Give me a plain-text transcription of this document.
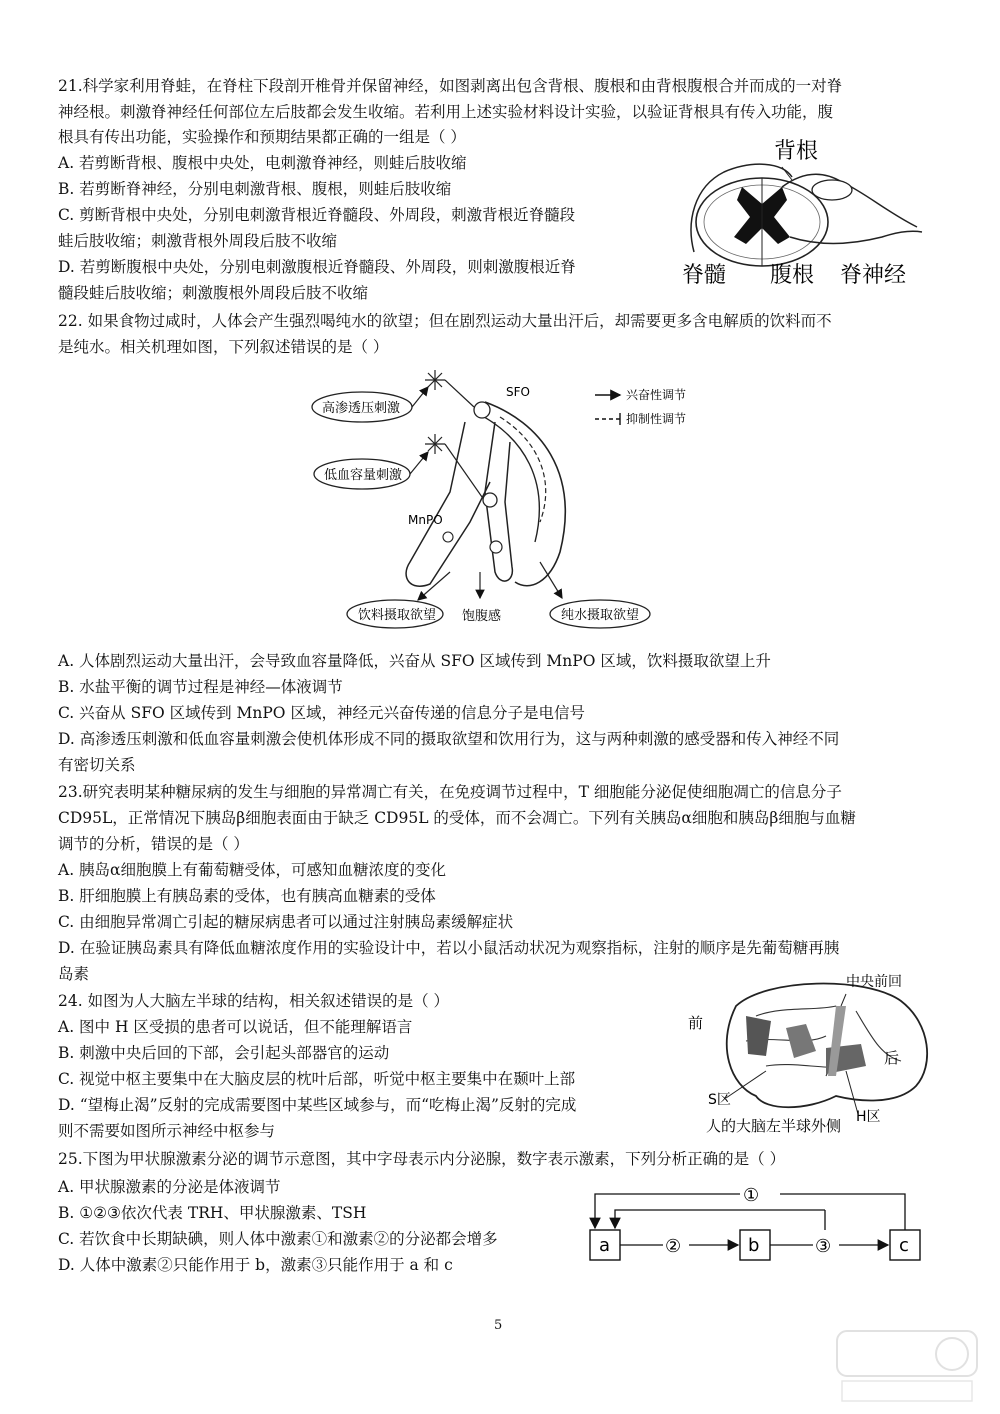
21.科学家利用脊蛙，在脊柱下段剖开椎骨并保留神经，如图剥离出包含背根、腹根和由背根腹根合并而成的一对脊
神经根。刺激脊神经任何部位左后肢都会发生收缩。若利用上述实验材料设计实验，以验证背根具有传入功能，腹
根具有传出功能，实验操作和预期结果都正确的一组是（ ）
A. 若剪断背根、腹根中央处，电刺激脊神经，则蛙后肢收缩
B. 若剪断脊神经，分别电刺激背根、腹根，则蛙后肢收缩
C. 剪断背根中央处，分别电刺激背根近脊髓段、外周段，刺激背根近脊髓段
蛙后肢收缩；刺激背根外周段后肢不收缩
D. 若剪断腹根中央处，分别电刺激腹根近脊髓段、外周段，则刺激腹根近脊
髓段蛙后肢收缩；刺激腹根外周段后肢不收缩
背根
脊髓 腹根 脊神经
22. 如果食物过咸时，人体会产生强烈喝纯水的欲望；但在剧烈运动大量出汗后，却需要更多含电解质的饮料而不
是纯水。相关机理如图，下列叙述错误的是（ ）
高渗透压刺激
低血容量刺激
SFO
MnPO
兴奋性调节
抑制性调节
饮料摄取欲望 饱腹感	纯水摄取欲望
A. 人体剧烈运动大量出汗，会导致血容量降低，兴奋从 SFO 区域传到 MnPO 区域，饮料摄取欲望上升
B. 水盐平衡的调节过程是神经—体液调节
C. 兴奋从 SFO 区域传到 MnPO 区域，神经元兴奋传递的信息分子是电信号
D. 高渗透压刺激和低血容量刺激会使机体形成不同的摄取欲望和饮用行为，这与两种刺激的感受器和传入神经不同
有密切关系
23.研究表明某种糖尿病的发生与细胞的异常凋亡有关，在免疫调节过程中，T 细胞能分泌促使细胞凋亡的信息分子
CD95L，正常情况下胰岛β细胞表面由于缺乏 CD95L 的受体，而不会凋亡。下列有关胰岛α细胞和胰岛β细胞与血糖
调节的分析，错误的是（ ）
A. 胰岛α细胞膜上有葡萄糖受体，可感知血糖浓度的变化
B. 肝细胞膜上有胰岛素的受体，也有胰高血糖素的受体
C. 由细胞异常凋亡引起的糖尿病患者可以通过注射胰岛素缓解症状
D. 在验证胰岛素具有降低血糖浓度作用的实验设计中，若以小鼠活动状况为观察指标，注射的顺序是先葡萄糖再胰
岛素
24. 如图为人大脑左半球的结构，相关叙述错误的是（ ）
A. 图中 H 区受损的患者可以说话，但不能理解语言
B. 刺激中央后回的下部，会引起头部器官的运动
C. 视觉中枢主要集中在大脑皮层的枕叶后部，听觉中枢主要集中在颞叶上部
D. “望梅止渴”反射的完成需要图中某些区域参与，而“吃梅止渴”反射的完成
则不需要如图所示神经中枢参与
中央前回
前
后
S区
H区
人的大脑左半球外侧
25.下图为甲状腺激素分泌的调节示意图，其中字母表示内分泌腺，数字表示激素，下列分析正确的是（ ）
A. 甲状腺激素的分泌是体液调节
B. ①②③依次代表 TRH、甲状腺激素、TSH
C. 若饮食中长期缺碘，则人体中激素①和激素②的分泌都会增多
D. 人体中激素②只能作用于 b，激素③只能作用于 a 和 c
a	b	c
②	③
①
5
